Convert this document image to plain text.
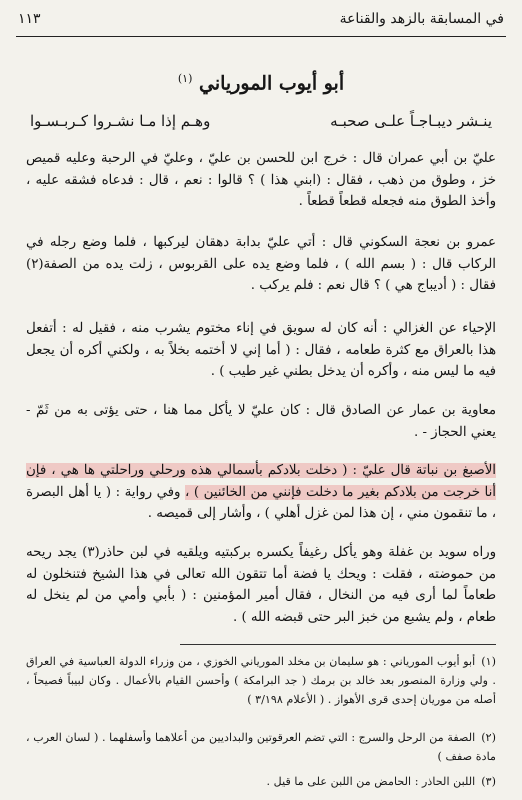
في المسابقة بالزهد والقناعة
١١٣
أبو أيوب المورياني $^{(١)}$
ينـشر ديبـاجـاً علـى صحبـه
وهـم إذا مـا نشـروا كـربـسـوا
عليّ بن أبي عمران قال : خرج ابن للحسن بن عليّ ، وعليّ في الرحبة وعليه قميص خز ، وطوق من ذهب ، فقال : (ابني هذا ) ؟ قالوا : نعم ، قال : فدعاه فشقه عليه ، وأخذ الطوق منه فجعله قطعاً قطعاً .
عمرو بن نعجة السكوني قال : أتي عليّ بدابة دهقان ليركبها ، فلما وضع رجله في الركاب قال : ( بسم الله ) ، فلما وضع يده على القربوس ، زلت يده من الصفة(٢) فقال : ( أديباج هي ) ؟ قال نعم : فلم يركب .
الإحياء عن الغزالي : أنه كان له سويق في إناء مختوم يشرب منه ، فقيل له : أتفعل هذا بالعراق مع كثرة طعامه ، فقال : ( أما إني لا أختمه بخلاً به ، ولكني أكره أن يجعل فيه ما ليس منه ، وأكره أن يدخل بطني غير طيب ) .
معاوية بن عمار عن الصادق قال : كان عليّ لا يأكل مما هنا ، حتى يؤتى به من ثَمّ - يعني الحجاز - .
الأصبغ بن نباتة قال عليّ : ( دخلت بلادكم بأسمالي هذه ورحلي وراحلتي ها هي ، فإن أنا خرجت من بلادكم بغير ما دخلت فإنني من الخائنين ) ، وفي رواية : ( يا أهل البصرة ، ما تنقمون مني ، إن هذا لمن غزل أهلي ) ، وأشار إلى قميصه .
وراه سويد بن غفلة وهو يأكل رغيفاً يكسره بركبتيه ويلقيه في لبن حاذر(٣) يجد ريحه من حموضته ، فقلت : ويحك يا فضة أما تتقون الله تعالى في هذا الشيخ فتنخلون له طعاماً لما أرى فيه من النخال ، فقال أمير المؤمنين : ( بأبي وأمي من لم ينخل له طعام ، ولم يشبع من خبز البر حتى قبضه الله ) .
(١)أبو أيوب المورياني : هو سليمان بن مخلد المورياني الخوزي ، من وزراء الدولة العباسية في العراق . ولي وزارة المنصور بعد خالد بن برمك ( جد البرامكة ) وأحسن القيام بالأعمال . وكان لبيباً فصيحاً ، أصله من موريان إحدى قرى الأهواز . ( الأعلام ٣/١٩٨ )
(٢)الصفة من الرحل والسرج : التي تضم العرقوتين والبداديين من أعلاهما وأسفلهما . ( لسان العرب ، مادة صفف )
(٣)اللبن الحاذر : الحامض من اللبن على ما قيل .
